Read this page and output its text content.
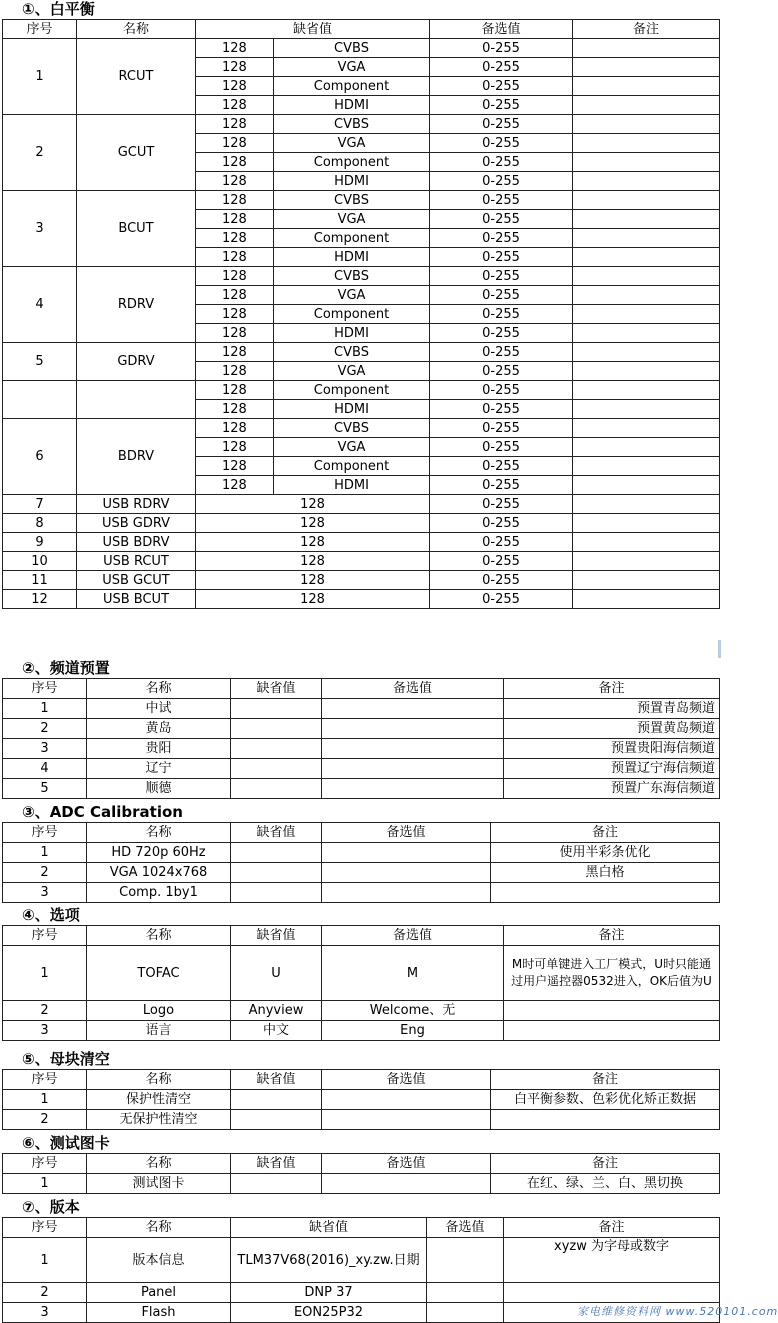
①、白平衡
序号	名称	缺省值		备选值	备注
1	RCUT	128	CVBS	0-255	
		128	VGA	0-255	
		128	Component	0-255	
		128	HDMI	0-255	
2	GCUT	128	CVBS	0-255	
		128	VGA	0-255	
		128	Component	0-255	
		128	HDMI	0-255	
3	BCUT	128	CVBS	0-255	
		128	VGA	0-255	
		128	Component	0-255	
		128	HDMI	0-255	
4	RDRV	128	CVBS	0-255	
		128	VGA	0-255	
		128	Component	0-255	
		128	HDMI	0-255	
5	GDRV	128	CVBS	0-255	
		128	VGA	0-255	
		128	Component	0-255	
		128	HDMI	0-255	
6	BDRV	128	CVBS	0-255	
		128	VGA	0-255	
		128	Component	0-255	
		128	HDMI	0-255	
7	USB RDRV	128		0-255	
8	USB GDRV	128		0-255	
9	USB BDRV	128		0-255	
10	USB RCUT	128		0-255	
11	USB GCUT	128		0-255	
12	USB BCUT	128		0-255	
②、频道预置
序号	名称	缺省值	备选值	备注
1	中试			预置青岛频道
2	黄岛			预置黄岛频道
3	贵阳			预置贵阳海信频道
4	辽宁			预置辽宁海信频道
5	顺德			预置广东海信频道
③、ADC Calibration
序号	名称	缺省值	备选值	备注
1	HD 720p 60Hz			使用半彩条优化
2	VGA 1024x768			黑白格
3	Comp. 1by1			
④、选项
序号	名称	缺省值	备选值	备注
1	TOFAC	U	M	M时可单键进入工厂模式，U时只能通过用户遥控器0532进入，OK后值为U
2	Logo	Anyview	Welcome、无	
3	语言	中文	Eng	
⑤、母块清空
序号	名称	缺省值	备选值	备注
1	保护性清空			白平衡参数、色彩优化矫正数据
2	无保护性清空			
⑥、测试图卡
序号	名称	缺省值	备选值	备注
1	测试图卡			在红、绿、兰、白、黑切换
⑦、版本
序号	名称	缺省值	备选值	备注
1	版本信息	TLM37V68(2016)_xy.zw.日期		xyzw 为字母或数字
2	Panel	DNP 37		
3	Flash	EON25P32			家电维修资料网 www.520101.com
